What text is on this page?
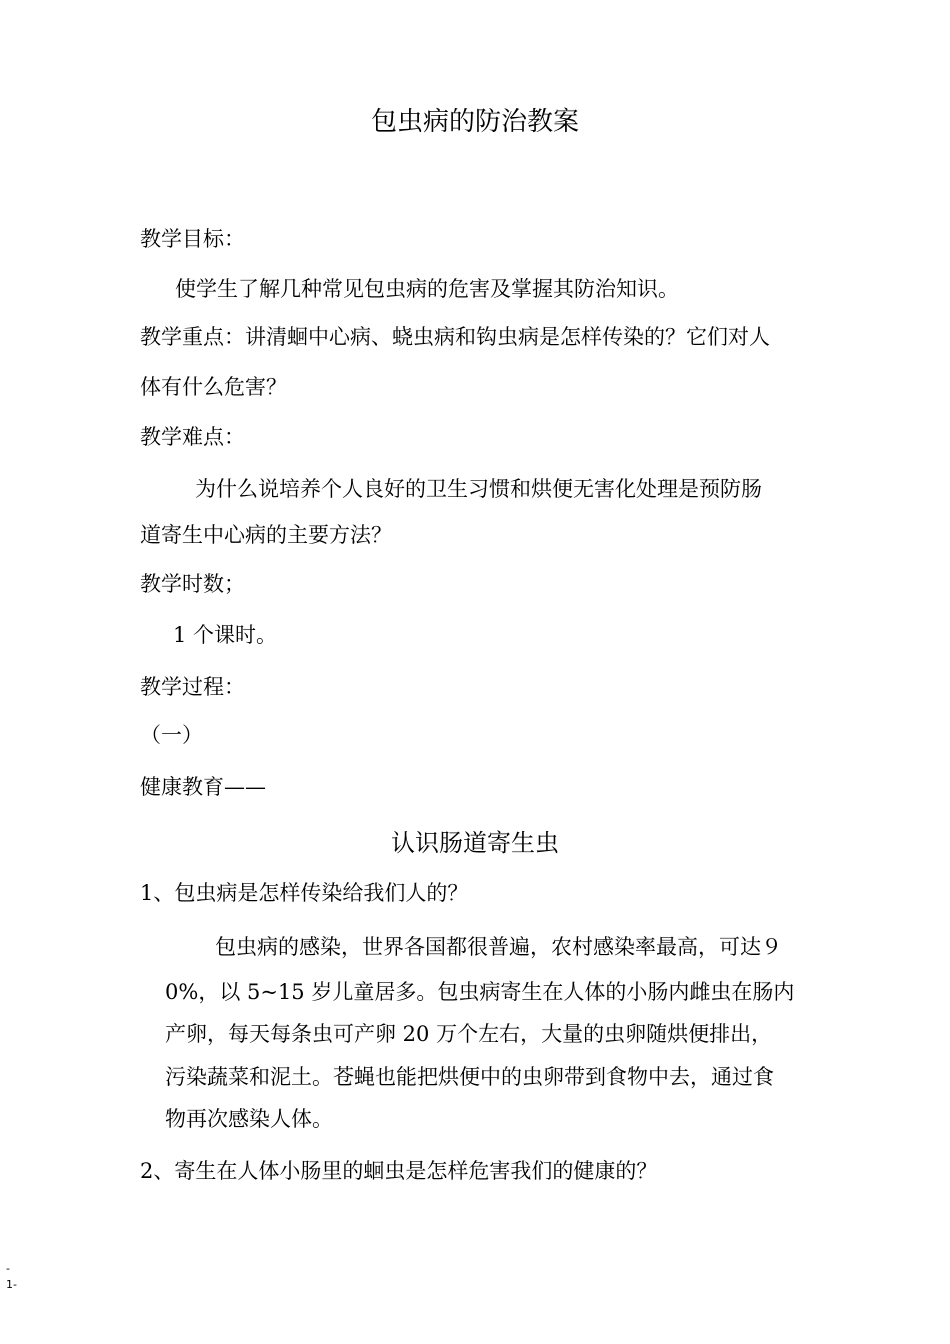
包虫病的防治教案
教学目标：
使学生了解几种常见包虫病的危害及掌握其防治知识。
教学重点：讲清蛔中心病、蛲虫病和钩虫病是怎样传染的？它们对人
体有什么危害？
教学难点：
为什么说培养个人良好的卫生习惯和烘便无害化处理是预防肠
道寄生中心病的主要方法？
教学时数；
1 个课时。
教学过程：
（一）
健康教育——
认识肠道寄生虫
1、包虫病是怎样传染给我们人的？
包虫病的感染，世界各国都很普遍，农村感染率最高，可达９
0%，以 5~15 岁儿童居多。包虫病寄生在人体的小肠内雌虫在肠内
产卵，每天每条虫可产卵 20 万个左右，大量的虫卵随烘便排出，
污染蔬菜和泥土。苍蝇也能把烘便中的虫卵带到食物中去，通过食
物再次感染人体。
2、寄生在人体小肠里的蛔虫是怎样危害我们的健康的？
-
1-
